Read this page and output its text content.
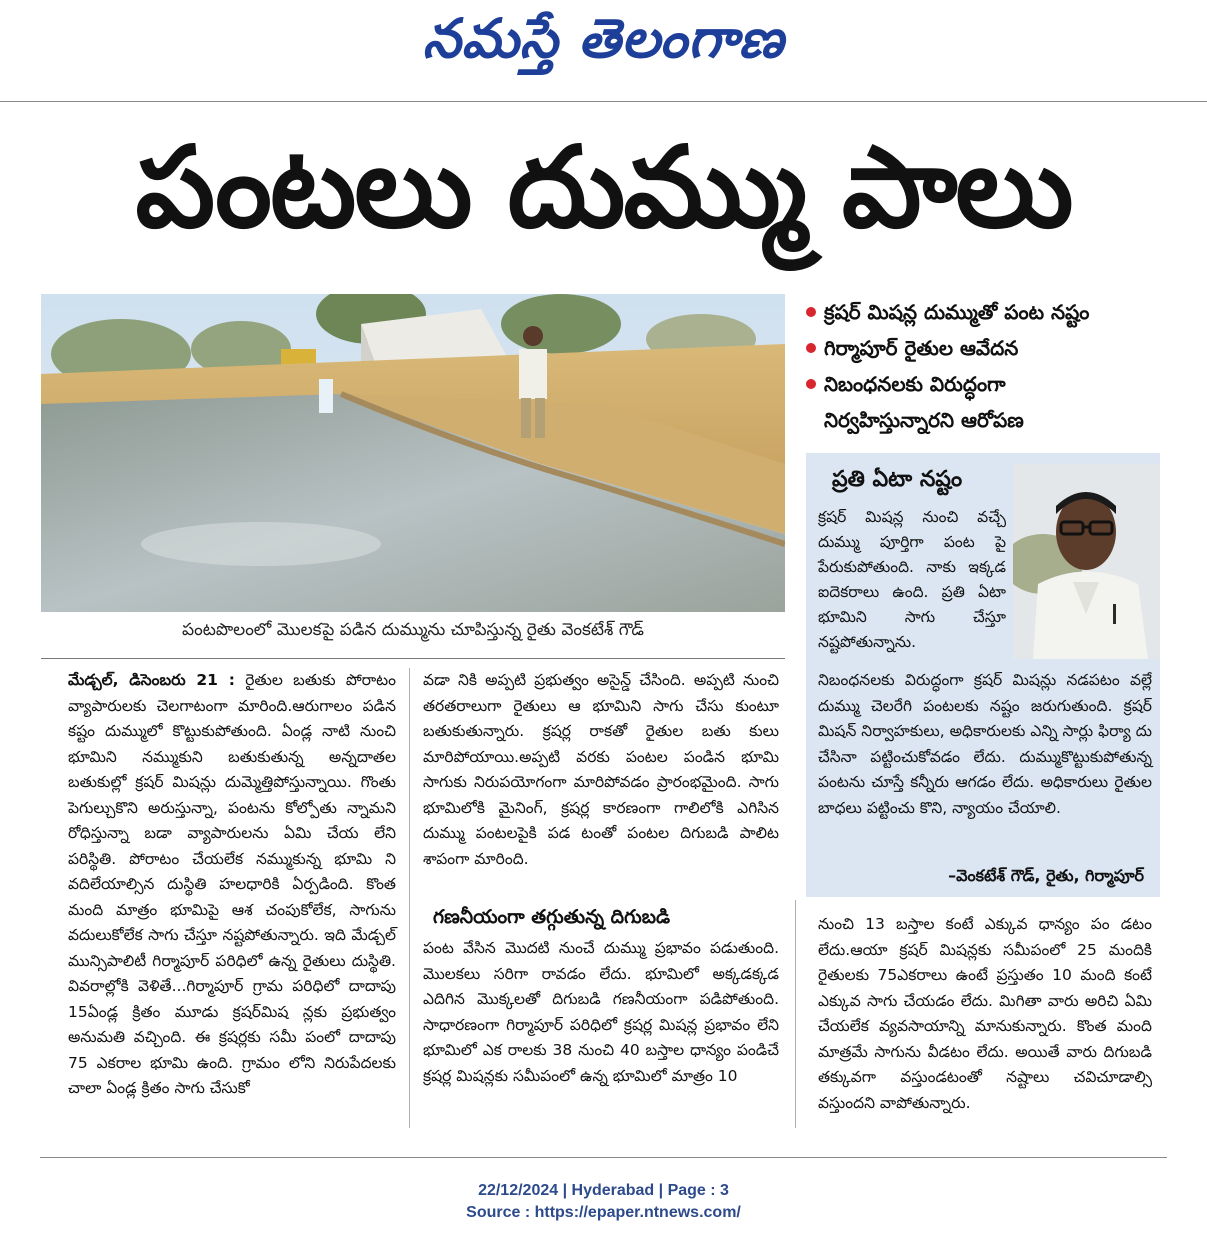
నమస్తే తెలంగాణ
పంటలు దుమ్ము పాలు
పంటపొలంలో మొలకపై పడిన దుమ్మును చూపిస్తున్న రైతు వెంకటేశ్ గౌడ్
క్రషర్ మిషన్ల దుమ్ముతో పంట నష్టం
గిర్మాపూర్ రైతుల ఆవేదన
నిబంధనలకు విరుద్ధంగా
నిర్వహిస్తున్నారని ఆరోపణ
ప్రతి ఏటా నష్టం
క్రషర్ మిషన్ల నుంచి వచ్చే దుమ్ము పూర్తిగా పంట పై పేరుకుపోతుంది. నాకు ఇక్కడ ఐదెకరాలు ఉంది. ప్రతి ఏటా భూమిని సాగు చేస్తూ నష్టపోతున్నాను.
నిబంధనలకు విరుద్ధంగా క్రషర్ మిషన్లు నడపటం వల్లే దుమ్ము చెలరేగి పంటలకు నష్టం జరుగుతుంది. క్రషర్ మిషన్ నిర్వాహకులు, అధికారులకు ఎన్ని సార్లు ఫిర్యా దు చేసినా పట్టించుకోవడం లేదు. దుమ్ముకొట్టుకుపోతున్న పంటను చూస్తే కన్నీరు ఆగడం లేదు. అధికారులు రైతుల బాధలు పట్టించు కొని, న్యాయం చేయాలి.
–వెంకటేశ్ గౌడ్, రైతు, గిర్మాపూర్
మేడ్చల్, డిసెంబరు 21 : రైతుల బతుకు పోరాటం వ్యాపారులకు చెలగాటంగా మారింది.ఆరుగాలం పడిన కష్టం దుమ్ములో కొట్టుకుపోతుంది. ఏండ్ల నాటి నుంచి భూమిని నమ్ముకుని బతుకుతున్న అన్నదాతల బతుకుల్లో క్రషర్ మిషన్లు దుమ్మెత్తిపోస్తున్నాయి. గొంతు పెగుల్చుకొని అరుస్తున్నా, పంటను కోల్పోతు న్నామని రోధిస్తున్నా బడా వ్యాపారులను ఏమి చేయ లేని పరిస్థితి. పోరాటం చేయలేక నమ్ముకున్న భూమి ని వదిలేయాల్సిన దుస్థితి హలధారికి ఏర్పడింది. కొంత మంది మాత్రం భూమిపై ఆశ చంపుకోలేక, సాగును వదులుకోలేక సాగు చేస్తూ నష్టపోతున్నారు. ఇది మేడ్చల్ మున్సిపాలిటీ గిర్మాపూర్ పరిధిలో ఉన్న రైతులు దుస్థితి. వివరాల్లోకి వెళితే...గిర్మాపూర్ గ్రామ పరిధిలో దాదాపు 15ఏండ్ల క్రితం మూడు క్రషర్‌మిష న్లకు ప్రభుత్వం అనుమతి వచ్చింది. ఈ క్రషర్లకు సమీ పంలో దాదాపు 75 ఎకరాల భూమి ఉంది. గ్రామం లోని నిరుపేదలకు చాలా ఏండ్ల క్రితం సాగు చేసుకో
వడా నికి అప్పటి ప్రభుత్వం అసైన్డ్ చేసింది. అప్పటి నుంచి తరతరాలుగా రైతులు ఆ భూమిని సాగు చేసు కుంటూ బతుకుతున్నారు. క్రషర్ల రాకతో రైతుల బతు కులు మారిపోయాయి.అప్పటి వరకు పంటల పండిన భూమి సాగుకు నిరుపయోగంగా మారిపోవడం ప్రారంభమైంది. సాగు భూమిలోకి మైనింగ్, క్రషర్ల కారణంగా గాలిలోకి ఎగిసిన దుమ్ము పంటలపైకి పడ టంతో పంటల దిగుబడి పాలిట శాపంగా మారింది.
గణనీయంగా తగ్గుతున్న దిగుబడి
పంట వేసిన మొదటి నుంచే దుమ్ము ప్రభావం పడుతుంది. మొలకలు సరిగా రావడం లేదు. భూమిలో అక్కడక్కడ ఎదిగిన మొక్కలతో దిగుబడి గణనీయంగా పడిపోతుంది. సాధారణంగా గిర్మాపూర్ పరిధిలో క్రషర్ల మిషన్ల ప్రభావం లేని భూమిలో ఎక రాలకు 38 నుంచి 40 బస్తాల ధాన్యం పండిచే క్రషర్ల మిషన్లకు సమీపంలో ఉన్న భూమిలో మాత్రం 10
నుంచి 13 బస్తాల కంటే ఎక్కువ ధాన్యం పం డటం లేదు.ఆయా క్రషర్ మిషన్లకు సమీపంలో 25 మందికి రైతులకు 75ఎకరాలు ఉంటే ప్రస్తుతం 10 మంది కంటే ఎక్కువ సాగు చేయడం లేదు. మిగితా వారు అరిచి ఏమి చేయలేక వ్యవసాయాన్ని మానుకున్నారు. కొంత మంది మాత్రమే సాగును వీడటం లేదు. అయితే వారు దిగుబడి తక్కువగా వస్తుండటంతో నష్టాలు చవిచూడాల్సి వస్తుందని వాపోతున్నారు.
22/12/2024 | Hyderabad | Page : 3
Source : https://epaper.ntnews.com/
